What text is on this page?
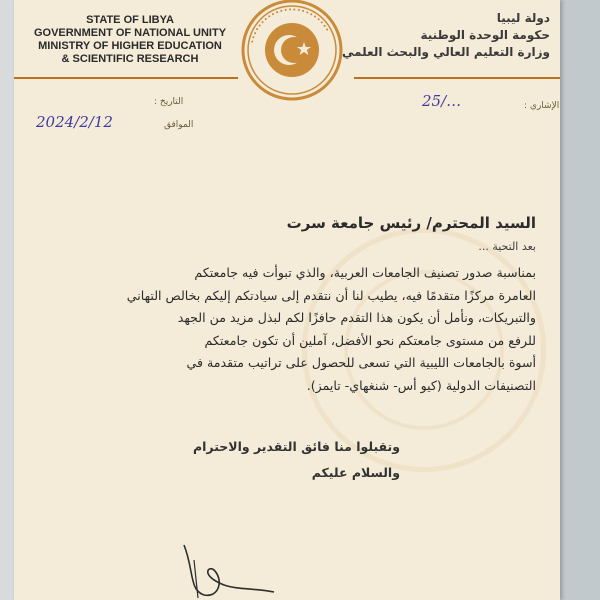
STATE OF LIBYA
GOVERNMENT OF NATIONAL UNITY
MINISTRY OF HIGHER EDUCATION
& SCIENTIFIC RESEARCH
•••••••••••••••••••••••
دولة ليبيا
حكومة الوحدة الوطنية
وزارة التعليم العالي والبحث العلمي
التاريخ :
الموافق
الإشاري :
2024/2/12
25/…
السيد المحترم/ رئيس جامعة سرت
بعد التحية ...

بمناسبة صدور تصنيف الجامعات العربية، والذي تبوأت فيه جامعتكم

العامرة مركزًا متقدمًا فيه، يطيب لنا أن نتقدم إلى سيادتكم إليكم بخالص التهاني

والتبريكات، ونأمل أن يكون هذا التقدم حافزًا لكم لبذل مزيد من الجهد

للرفع من مستوى جامعتكم نحو الأفضل، آملين أن تكون جامعتكم

أسوة بالجامعات الليبية التي تسعى للحصول على تراتيب متقدمة في

التصنيفات الدولية (كيو أس- شنغهاي- تايمز).

وتقبلوا منا فائق التقدير والاحترام
والسلام عليكم
